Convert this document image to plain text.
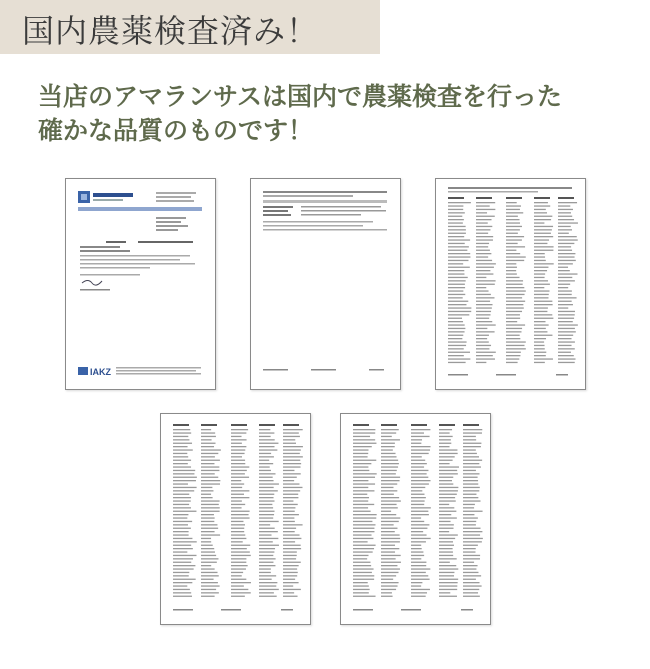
国内農薬検査済み！
当店のアマランサスは国内で農薬検査を行った
確かな品質のものです！
IAKZ
